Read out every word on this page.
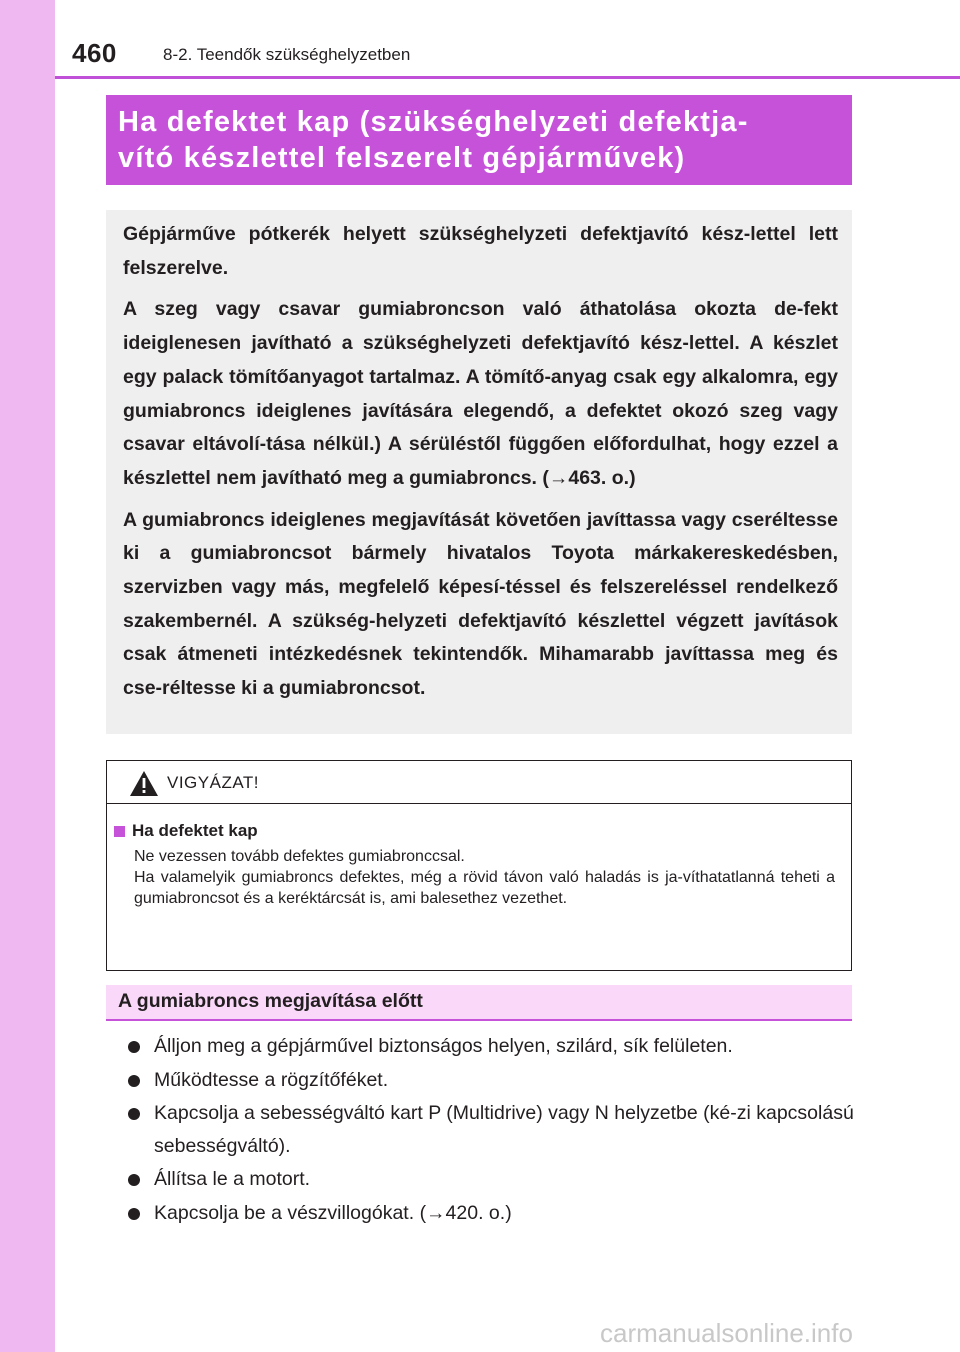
460	8-2. Teendők szükséghelyzetben
Ha defektet kap (szükséghelyzeti defektja-
vító készlettel felszerelt gépjárművek)

Gépjárműve pótkerék helyett szükséghelyzeti defektjavító kész-lettel lett felszerelve.

A szeg vagy csavar gumiabroncson való áthatolása okozta de-fekt ideiglenesen javítható a szükséghelyzeti defektjavító kész-lettel. A készlet egy palack tömítőanyagot tartalmaz. A tömítő-anyag csak egy alkalomra, egy gumiabroncs ideiglenes javítására elegendő, a defektet okozó szeg vagy csavar eltávolí-tása nélkül.) A sérüléstől függően előfordulhat, hogy ezzel a készlettel nem javítható meg a gumiabroncs. (→463. o.)

A gumiabroncs ideiglenes megjavítását követően javíttassa vagy cseréltesse ki a gumiabroncsot bármely hivatalos Toyota márkakereskedésben, szervizben vagy más, megfelelő képesí-téssel és felszereléssel rendelkező szakembernél. A szükség-helyzeti defektjavító készlettel végzett javítások csak átmeneti intézkedésnek tekintendők. Mihamarabb javíttassa meg és cse-réltesse ki a gumiabroncsot.

VIGYÁZAT!
Ha defektet kap
Ne vezessen tovább defektes gumiabronccsal.
Ha valamelyik gumiabroncs defektes, még a rövid távon való haladás is ja-víthatatlanná teheti a gumiabroncsot és a keréktárcsát is, ami balesethez vezethet.
A gumiabroncs megjavítása előtt
Álljon meg a gépjárművel biztonságos helyen, szilárd, sík felületen.
Működtesse a rögzítőféket.
Kapcsolja a sebességváltó kart P (Multidrive) vagy N helyzetbe (ké-zi kapcsolású sebességváltó).
Állítsa le a motort.
Kapcsolja be a vészvillogókat. (→420. o.)
carmanualsonline.info
